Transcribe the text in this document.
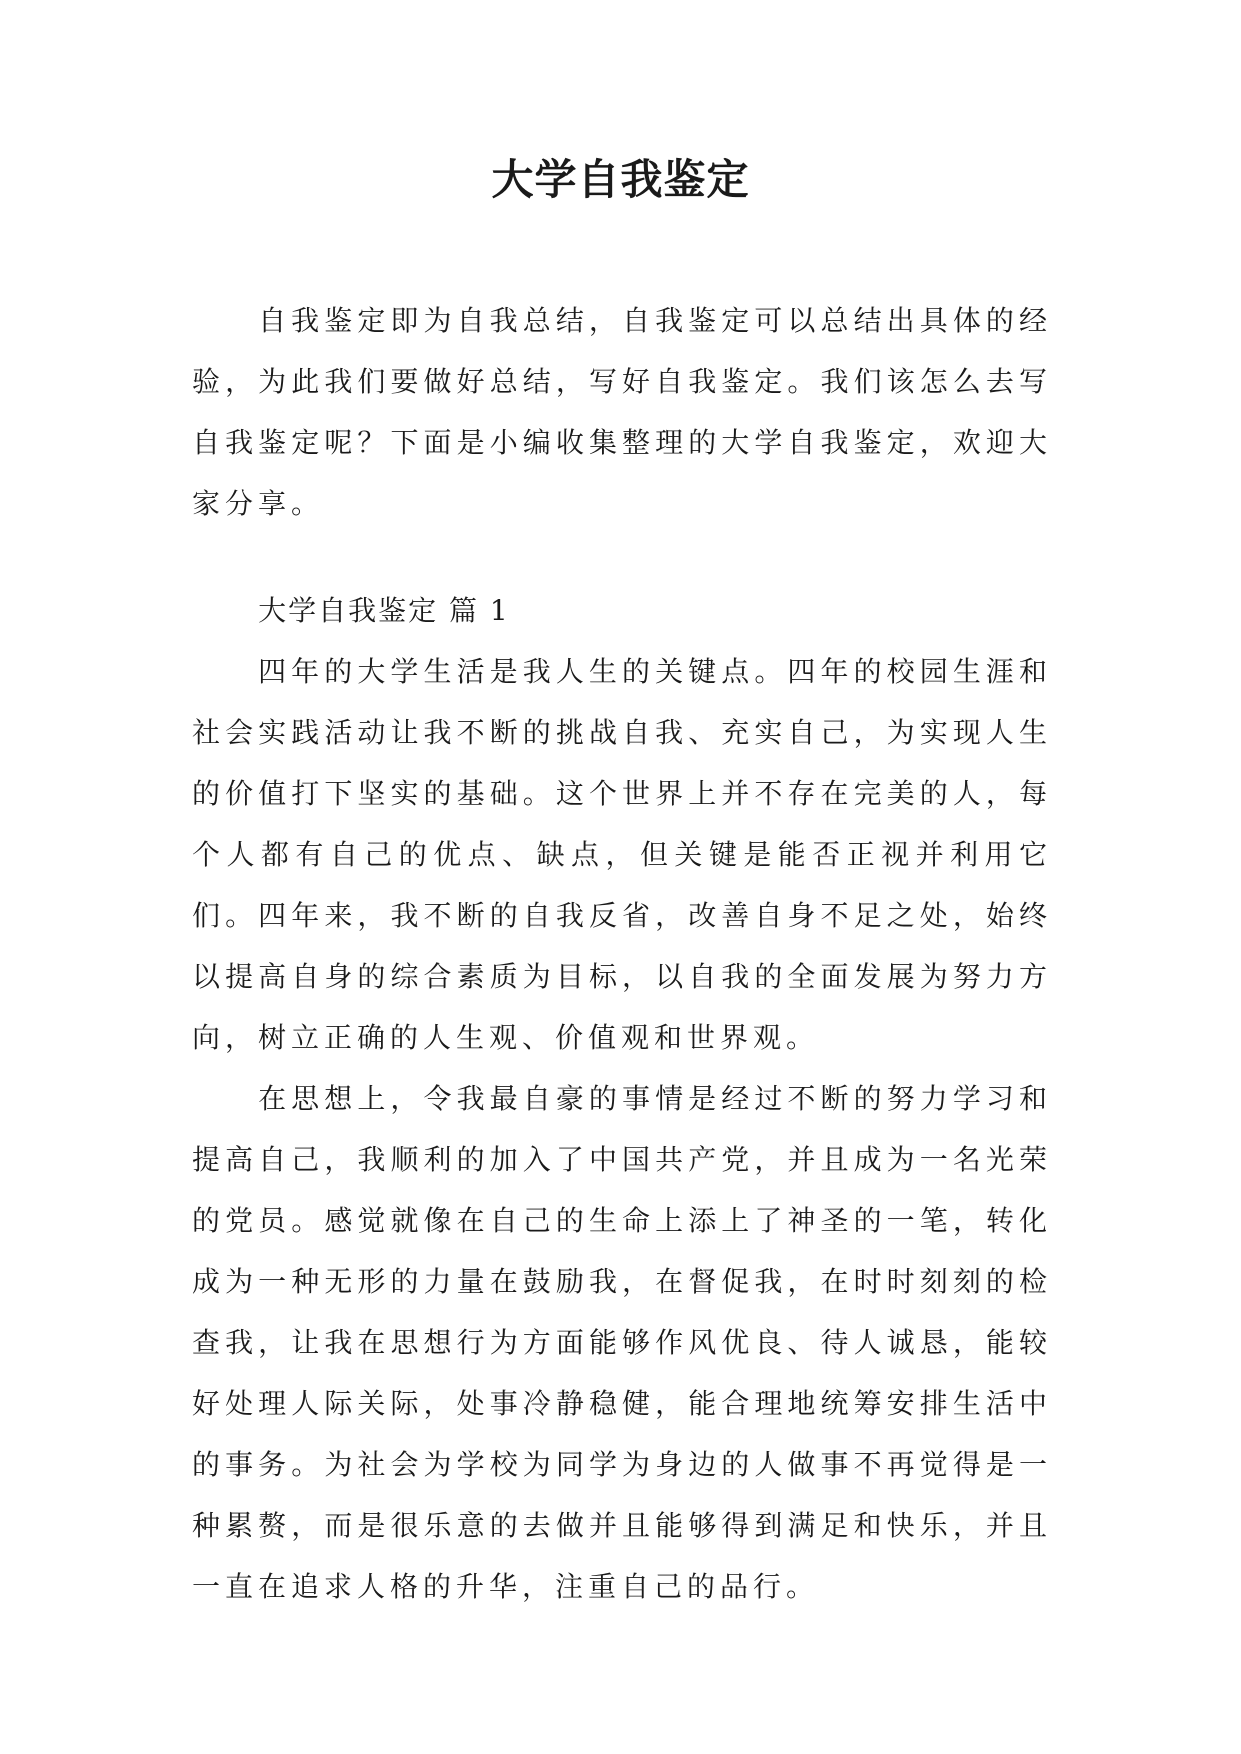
大学自我鉴定

自我鉴定即为自我总结，自我鉴定可以总结出具体的经验，为此我们要做好总结，写好自我鉴定。我们该怎么去写自我鉴定呢？下面是小编收集整理的大学自我鉴定，欢迎大家分享。

大学自我鉴定 篇 1

四年的大学生活是我人生的关键点。四年的校园生涯和社会实践活动让我不断的挑战自我、充实自己，为实现人生的价值打下坚实的基础。这个世界上并不存在完美的人，每个人都有自己的优点、缺点，但关键是能否正视并利用它们。四年来，我不断的自我反省，改善自身不足之处，始终以提高自身的综合素质为目标，以自我的全面发展为努力方向，树立正确的人生观、价值观和世界观。

在思想上，令我最自豪的事情是经过不断的努力学习和提高自己，我顺利的加入了中国共产党，并且成为一名光荣的党员。感觉就像在自己的生命上添上了神圣的一笔，转化成为一种无形的力量在鼓励我，在督促我，在时时刻刻的检查我，让我在思想行为方面能够作风优良、待人诚恳，能较好处理人际关际，处事冷静稳健，能合理地统筹安排生活中的事务。为社会为学校为同学为身边的人做事不再觉得是一种累赘，而是很乐意的去做并且能够得到满足和快乐，并且一直在追求人格的升华，注重自己的品行。
